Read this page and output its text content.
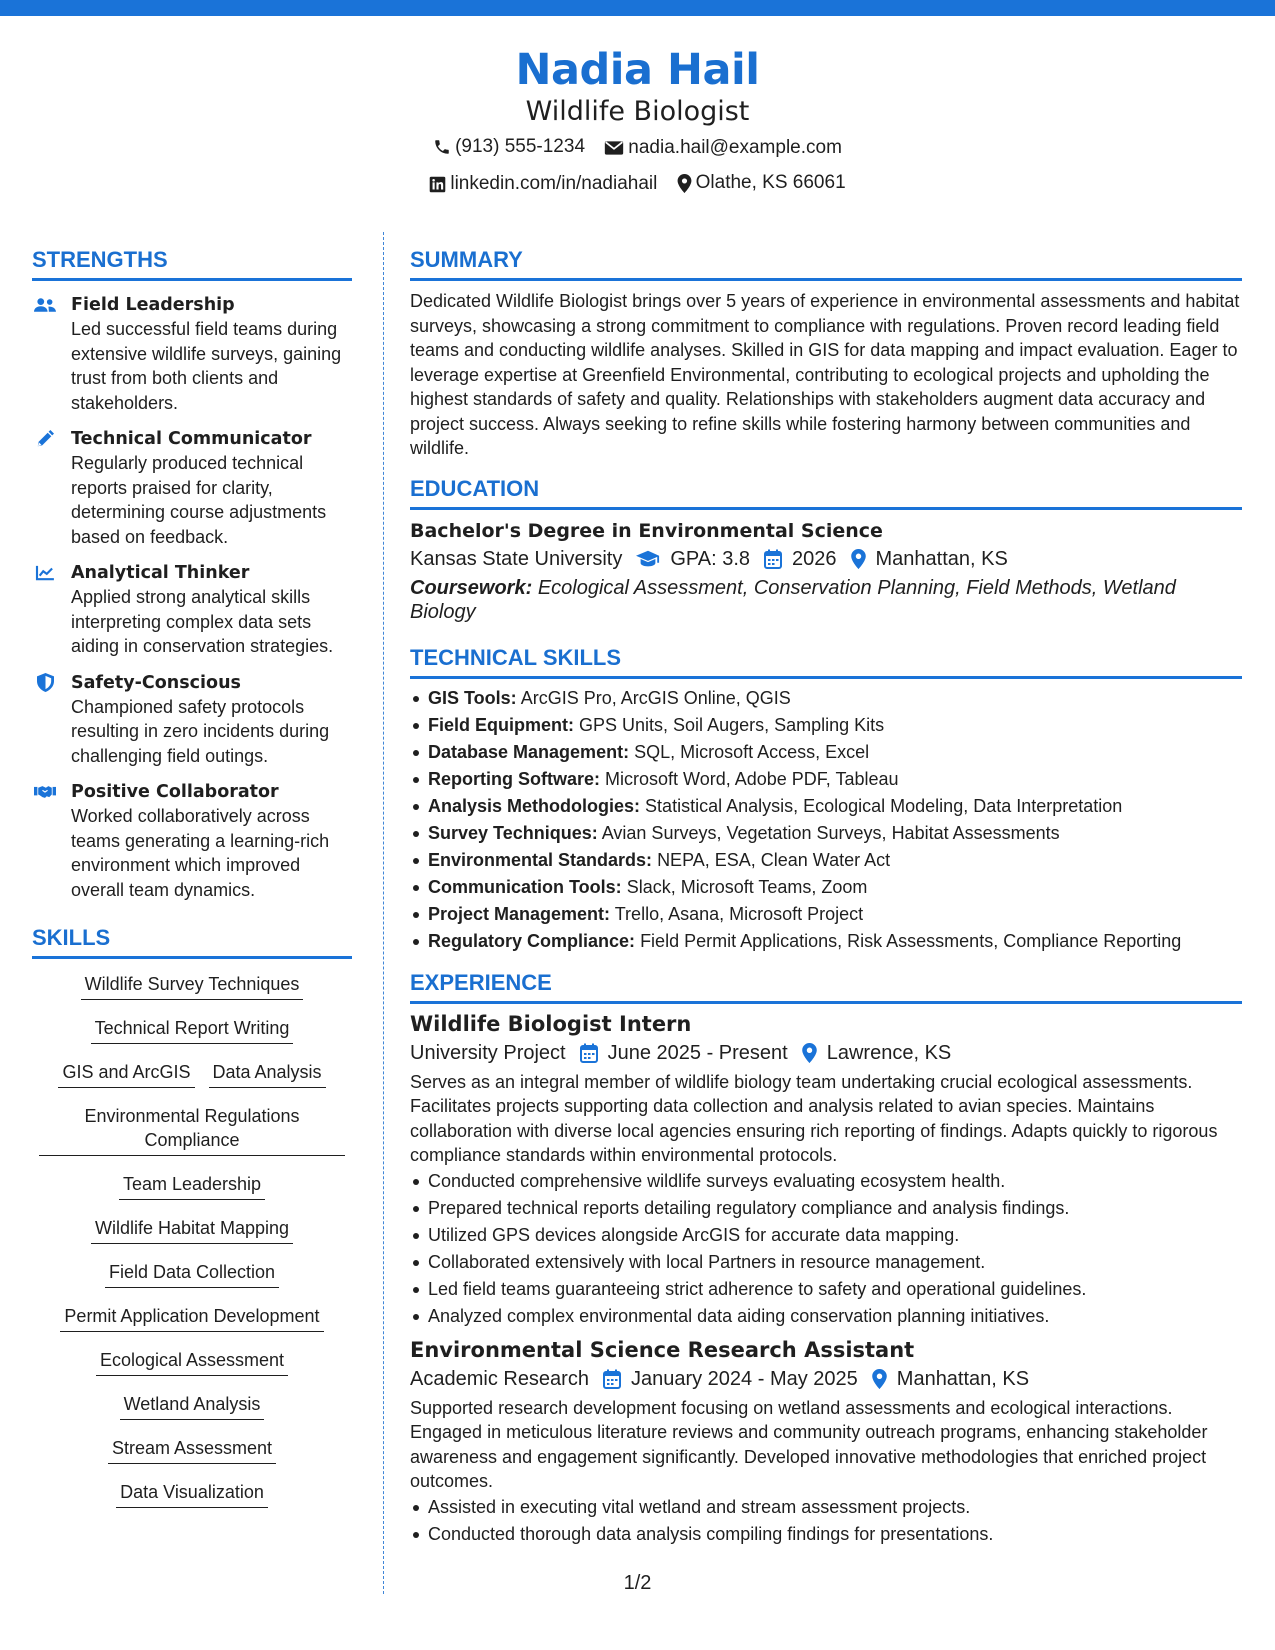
Nadia Hail
Wildlife Biologist
(913) 555-1234
nadia.hail@example.com
linkedin.com/in/nadiahail
Olathe, KS 66061
STRENGTHS
Field Leadership
Led successful field teams during extensive wildlife surveys, gaining trust from both clients and stakeholders.
Technical Communicator
Regularly produced technical reports praised for clarity, determining course adjustments based on feedback.
Analytical Thinker
Applied strong analytical skills interpreting complex data sets aiding in conservation strategies.
Safety-Conscious
Championed safety protocols resulting in zero incidents during challenging field outings.
Positive Collaborator
Worked collaboratively across teams generating a learning-rich environment which improved overall team dynamics.
SKILLS
Wildlife Survey Techniques
Technical Report Writing
GIS and ArcGIS Data Analysis
Environmental Regulations Compliance
Team Leadership
Wildlife Habitat Mapping
Field Data Collection
Permit Application Development
Ecological Assessment
Wetland Analysis
Stream Assessment
Data Visualization
SUMMARY
Dedicated Wildlife Biologist brings over 5 years of experience in environmental assessments and habitat surveys, showcasing a strong commitment to compliance with regulations. Proven record leading field teams and conducting wildlife analyses. Skilled in GIS for data mapping and impact evaluation. Eager to leverage expertise at Greenfield Environmental, contributing to ecological projects and upholding the highest standards of safety and quality. Relationships with stakeholders augment data accuracy and project success. Always seeking to refine skills while fostering harmony between communities and wildlife.
EDUCATION
Bachelor's Degree in Environmental Science
Kansas State University GPA: 3.8 2026 Manhattan, KS
Coursework: Ecological Assessment, Conservation Planning, Field Methods, Wetland Biology
TECHNICAL SKILLS
GIS Tools: ArcGIS Pro, ArcGIS Online, QGIS
Field Equipment: GPS Units, Soil Augers, Sampling Kits
Database Management: SQL, Microsoft Access, Excel
Reporting Software: Microsoft Word, Adobe PDF, Tableau
Analysis Methodologies: Statistical Analysis, Ecological Modeling, Data Interpretation
Survey Techniques: Avian Surveys, Vegetation Surveys, Habitat Assessments
Environmental Standards: NEPA, ESA, Clean Water Act
Communication Tools: Slack, Microsoft Teams, Zoom
Project Management: Trello, Asana, Microsoft Project
Regulatory Compliance: Field Permit Applications, Risk Assessments, Compliance Reporting
EXPERIENCE
Wildlife Biologist Intern
University Project June 2025 - Present Lawrence, KS
Serves as an integral member of wildlife biology team undertaking crucial ecological assessments. Facilitates projects supporting data collection and analysis related to avian species. Maintains collaboration with diverse local agencies ensuring rich reporting of findings. Adapts quickly to rigorous compliance standards within environmental protocols.
Conducted comprehensive wildlife surveys evaluating ecosystem health.
Prepared technical reports detailing regulatory compliance and analysis findings.
Utilized GPS devices alongside ArcGIS for accurate data mapping.
Collaborated extensively with local Partners in resource management.
Led field teams guaranteeing strict adherence to safety and operational guidelines.
Analyzed complex environmental data aiding conservation planning initiatives.
Environmental Science Research Assistant
Academic Research January 2024 - May 2025 Manhattan, KS
Supported research development focusing on wetland assessments and ecological interactions. Engaged in meticulous literature reviews and community outreach programs, enhancing stakeholder awareness and engagement significantly. Developed innovative methodologies that enriched project outcomes.
Assisted in executing vital wetland and stream assessment projects.
Conducted thorough data analysis compiling findings for presentations.
1/2
